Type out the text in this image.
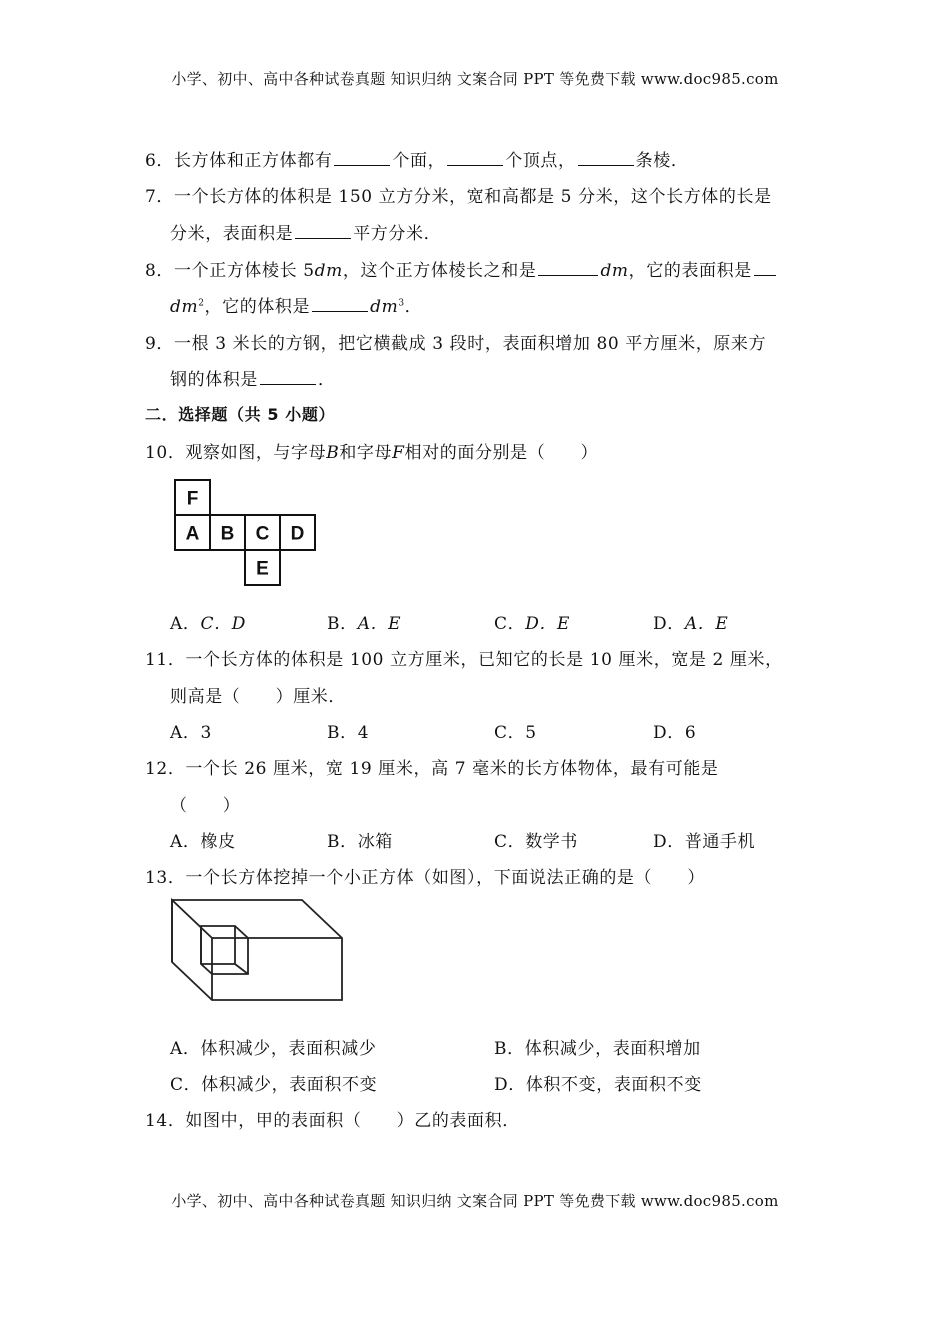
小学、初中、高中各种试卷真题 知识归纳 文案合同 PPT 等免费下载 www.doc985.com
6．长方体和正方体都有	个面，	个顶点，	条棱．
7．一个长方体的体积是 150 立方分米，宽和高都是 5 分米，这个长方体的长是
分米，表面积是	平方分米．
8．一个正方体棱长 5dm，这个正方体棱长之和是	dm，它的表面积是
$dm^2$，它的体积是	$dm^3$．
9．一根 3 米长的方钢，把它横截成 3 段时，表面积增加 80 平方厘米，原来方
钢的体积是	．
二．选择题（共 5 小题）
10．观察如图，与字母B和字母F相对的面分别是（　　）
F
A B C D
E
A．C．D	B．A．E	C．D．E	D．A．E
11．一个长方体的体积是 100 立方厘米，已知它的长是 10 厘米，宽是 2 厘米，
则高是（　　）厘米．
A．3	B．4	C．5	D．6
12．一个长 26 厘米，宽 19 厘米，高 7 毫米的长方体物体，最有可能是
（　　）
A．橡皮	B．冰箱	C．数学书	D．普通手机
13．一个长方体挖掉一个小正方体（如图），下面说法正确的是（　　）
A．体积减少，表面积减少	B．体积减少，表面积增加
C．体积减少，表面积不变	D．体积不变，表面积不变
14．如图中，甲的表面积（　　）乙的表面积．
小学、初中、高中各种试卷真题 知识归纳 文案合同 PPT 等免费下载 www.doc985.com
